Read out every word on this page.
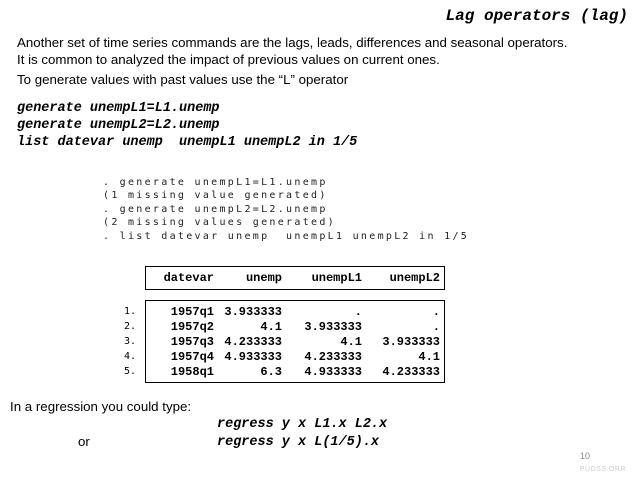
Lag operators (lag)
Another set of time series commands are the lags, leads, differences and seasonal operators.
It is common to analyzed the impact of previous values on current ones.
To generate values with past values use the “L” operator
generate unempL1=L1.unemp
generate unempL2=L2.unemp
list datevar unemp  unempL1 unempL2 in 1/5

. generate unempL1=L1.unemp
(1 missing value generated)
. generate unempL2=L2.unemp
(2 missing values generated)
. list datevar unemp  unempL1 unempL2 in 1/5

datevar	unemp	unempL1	unempL2
1.	1957q1 3.933333	.	.
2.	1957q2	4.1	3.933333	.
3.	1957q3 4.233333	4.1	3.933333
4.	1957q4 4.933333	4.233333	4.1
5.	1958q1	6.3	4.933333	4.233333
In a regression you could type:
regress y x L1.x L2.x
or	regress y x L(1/5).x
10
PUDSS.ORR
